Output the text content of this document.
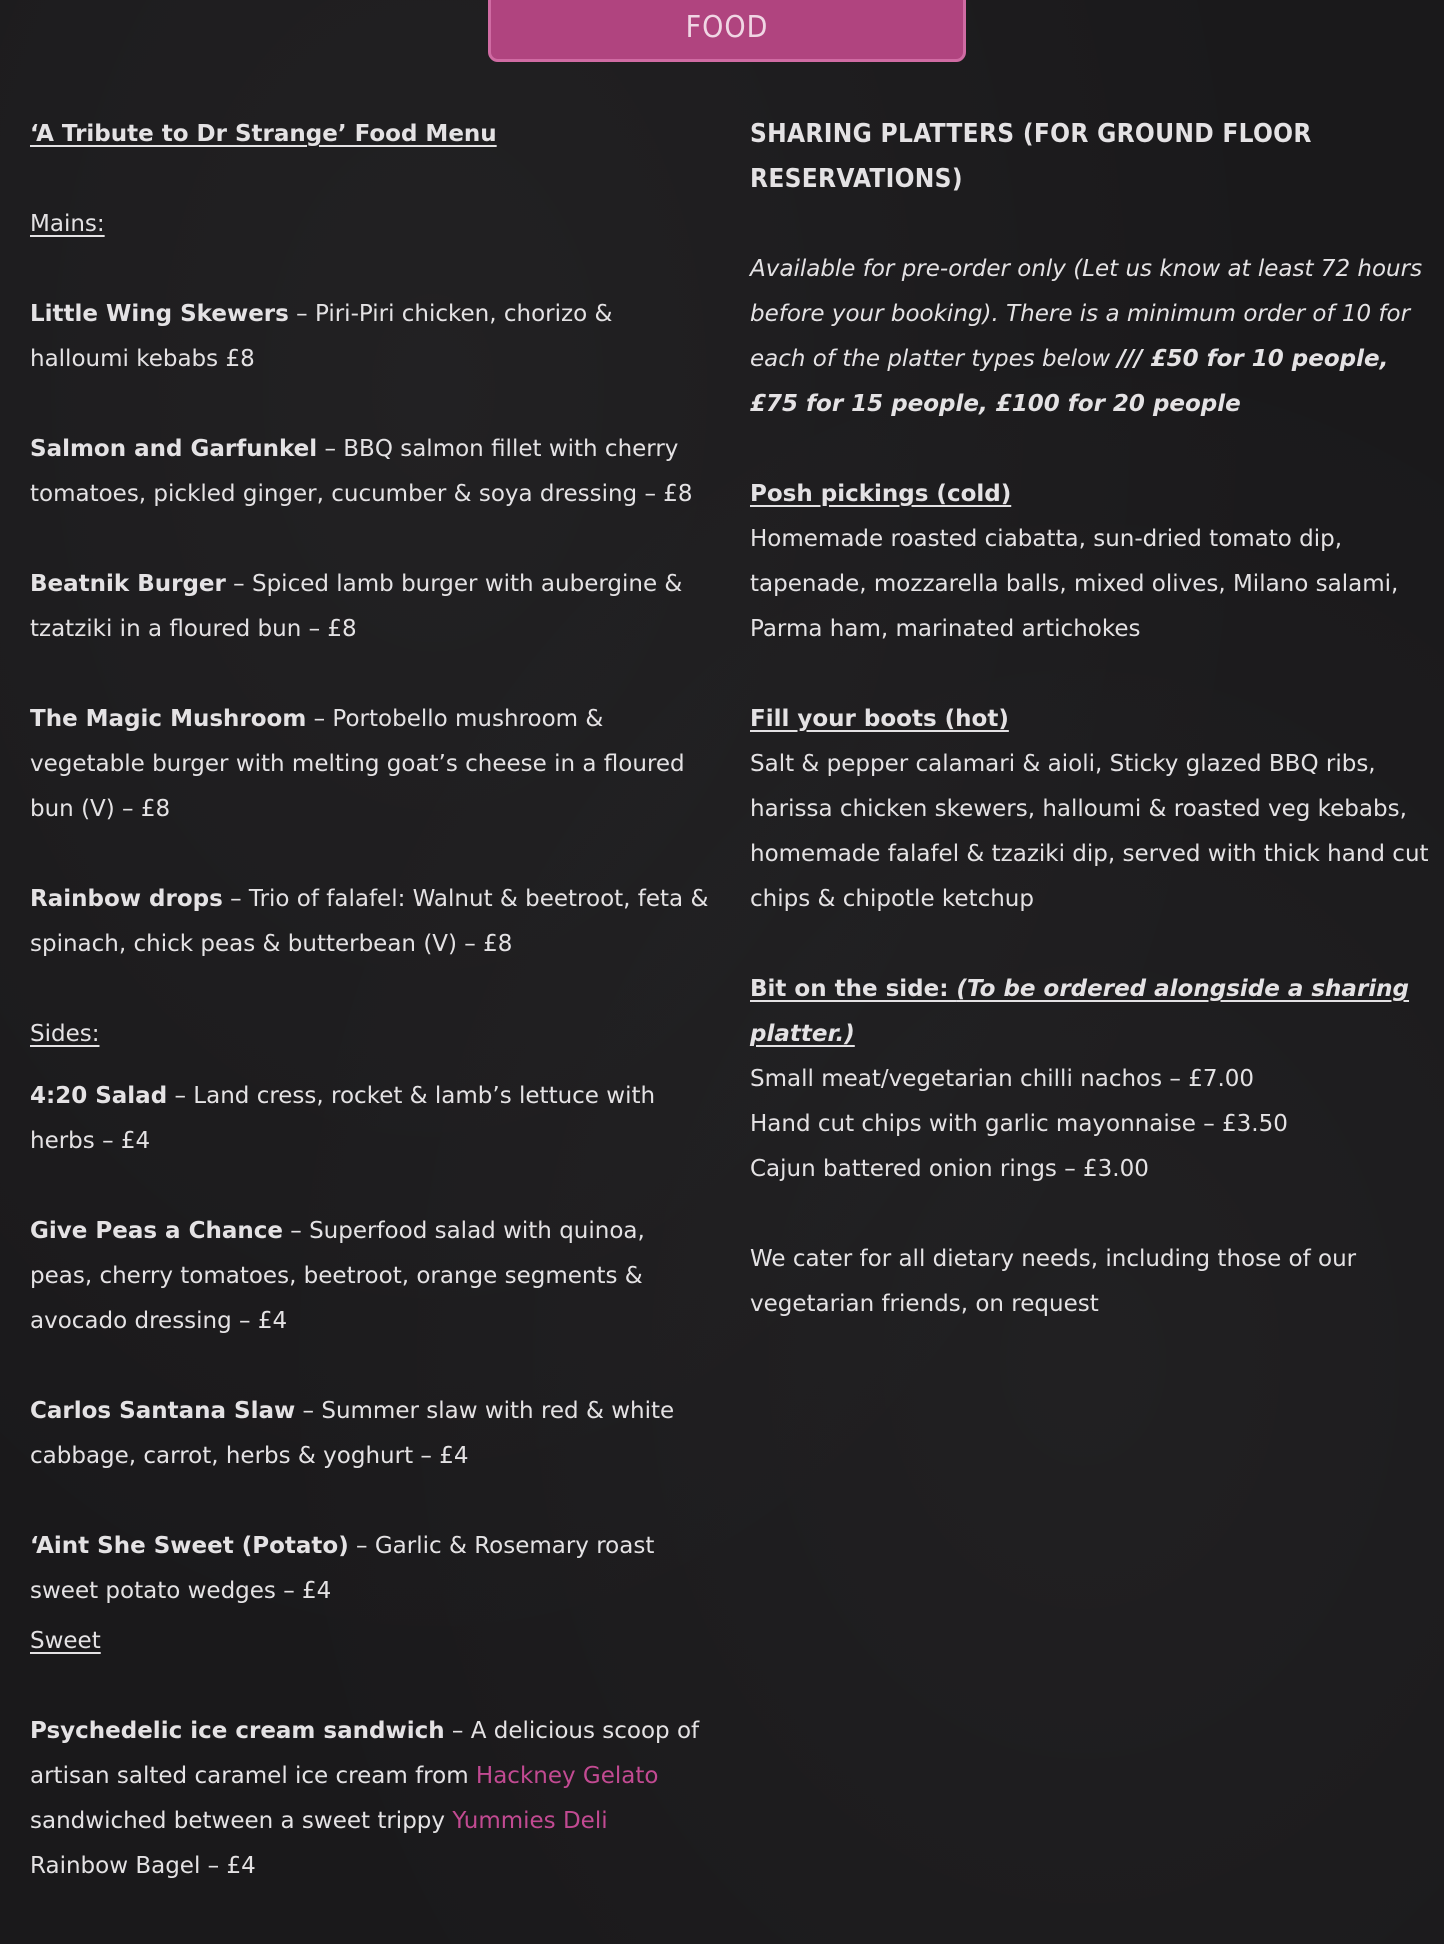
FOOD

‘A Tribute to Dr Strange’ Food Menu

Mains:

Little Wing Skewers – Piri-Piri chicken, chorizo & halloumi kebabs £8

Salmon and Garfunkel – BBQ salmon fillet with cherry tomatoes, pickled ginger, cucumber & soya dressing – £8

Beatnik Burger – Spiced lamb burger with aubergine & tzatziki in a floured bun – £8

The Magic Mushroom – Portobello mushroom & vegetable burger with melting goat’s cheese in a floured bun (V) – £8

Rainbow drops – Trio of falafel: Walnut & beetroot, feta & spinach, chick peas & butterbean (V) – £8

Sides:

4:20 Salad – Land cress, rocket & lamb’s lettuce with herbs – £4

Give Peas a Chance – Superfood salad with quinoa, peas, cherry tomatoes, beetroot, orange segments & avocado dressing – £4

Carlos Santana Slaw – Summer slaw with red & white cabbage, carrot, herbs & yoghurt – £4

‘Aint She Sweet (Potato) – Garlic & Rosemary roast sweet potato wedges – £4

Sweet

Psychedelic ice cream sandwich – A delicious scoop of artisan salted caramel ice cream from Hackney Gelato sandwiched between a sweet trippy Yummies Deli Rainbow Bagel – £4

SHARING PLATTERS (FOR GROUND FLOOR RESERVATIONS)

Available for pre-order only (Let us know at least 72 hours before your booking). There is a minimum order of 10 for each of the platter types below /// £50 for 10 people, £75 for 15 people, £100 for 20 people

Posh pickings (cold)

Homemade roasted ciabatta, sun-dried tomato dip, tapenade, mozzarella balls, mixed olives, Milano salami, Parma ham, marinated artichokes

Fill your boots (hot)

Salt & pepper calamari & aioli, Sticky glazed BBQ ribs, harissa chicken skewers, halloumi & roasted veg kebabs, homemade falafel & tzaziki dip, served with thick hand cut chips & chipotle ketchup

Bit on the side: (To be ordered alongside a sharing platter.)

Small meat/vegetarian chilli nachos – £7.00

Hand cut chips with garlic mayonnaise – £3.50

Cajun battered onion rings – £3.00

We cater for all dietary needs, including those of our vegetarian friends, on request
